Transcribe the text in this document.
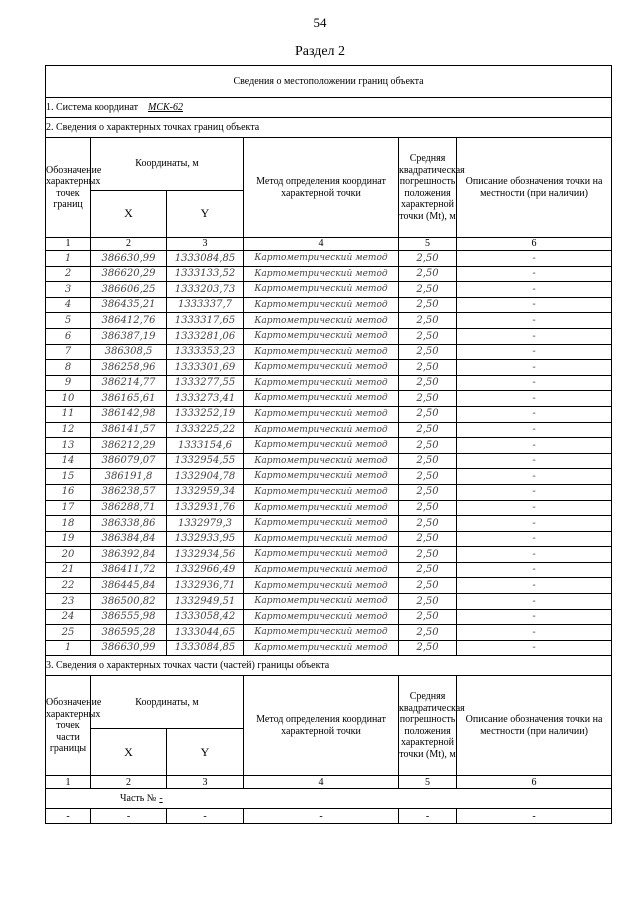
54
Раздел 2
Сведения о местоположении границ объекта					
1. Система координат МСК-62					
2. Сведения о характерных точках границ объекта					
Обозначение характерных точек границ	Координаты, м		Метод определения координат характерной точки	Средняя квадратическая погрешность положения характерной точки (Mt), м	Описание обозначения точки на местности (при наличии)
	X	Y			
1	2	3	4	5	6
1	386630,99	1333084,85	Картометрический метод	2,50	-
2	386620,29	1333133,52	Картометрический метод	2,50	-
3	386606,25	1333203,73	Картометрический метод	2,50	-
4	386435,21	1333337,7	Картометрический метод	2,50	-
5	386412,76	1333317,65	Картометрический метод	2,50	-
6	386387,19	1333281,06	Картометрический метод	2,50	-
7	386308,5	1333353,23	Картометрический метод	2,50	-
8	386258,96	1333301,69	Картометрический метод	2,50	-
9	386214,77	1333277,55	Картометрический метод	2,50	-
10	386165,61	1333273,41	Картометрический метод	2,50	-
11	386142,98	1333252,19	Картометрический метод	2,50	-
12	386141,57	1333225,22	Картометрический метод	2,50	-
13	386212,29	1333154,6	Картометрический метод	2,50	-
14	386079,07	1332954,55	Картометрический метод	2,50	-
15	386191,8	1332904,78	Картометрический метод	2,50	-
16	386238,57	1332959,34	Картометрический метод	2,50	-
17	386288,71	1332931,76	Картометрический метод	2,50	-
18	386338,86	1332979,3	Картометрический метод	2,50	-
19	386384,84	1332933,95	Картометрический метод	2,50	-
20	386392,84	1332934,56	Картометрический метод	2,50	-
21	386411,72	1332966,49	Картометрический метод	2,50	-
22	386445,84	1332936,71	Картометрический метод	2,50	-
23	386500,82	1332949,51	Картометрический метод	2,50	-
24	386555,98	1333058,42	Картометрический метод	2,50	-
25	386595,28	1333044,65	Картометрический метод	2,50	-
1	386630,99	1333084,85	Картометрический метод	2,50	-
3. Сведения о характерных точках части (частей) границы объекта					
Обозначение характерных точек части границы	Координаты, м		Метод определения координат характерной точки	Средняя квадратическая погрешность положения характерной точки (Mt), м	Описание обозначения точки на местности (при наличии)
	X	Y			
1	2	3	4	5	6
Часть № -					
-	-	-	-	-	-
